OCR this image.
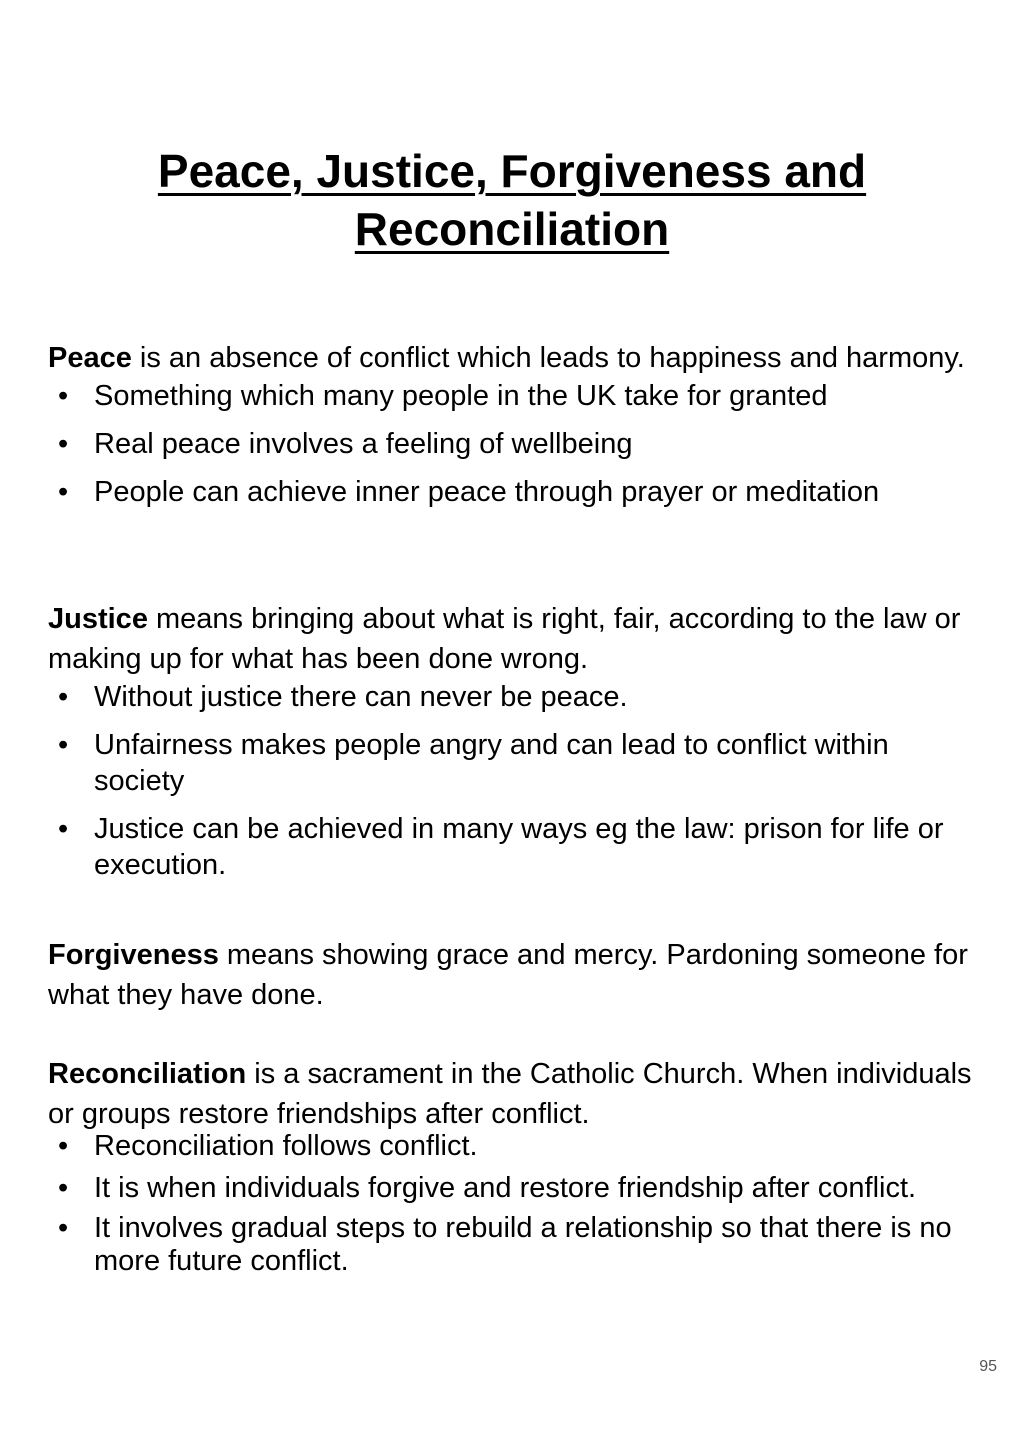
Peace, Justice, Forgiveness and
Reconciliation

Peace is an absence of conflict which leads to happiness and harmony.

• Something which many people in the UK take for granted
• Real peace involves a feeling of wellbeing
• People can achieve inner peace through prayer or meditation

Justice means bringing about what is right, fair, according to the law or making up for what has been done wrong.

• Without justice there can never be peace.
• Unfairness makes people angry and can lead to conflict within society
• Justice can be achieved in many ways eg the law: prison for life or execution.

Forgiveness means showing grace and mercy. Pardoning someone for what they have done.

Reconciliation is a sacrament in the Catholic Church. When individuals or groups restore friendships after conflict.

• Reconciliation follows conflict.
• It is when individuals forgive and restore friendship after conflict.
• It involves gradual steps to rebuild a relationship so that there is no more future conflict.
95
